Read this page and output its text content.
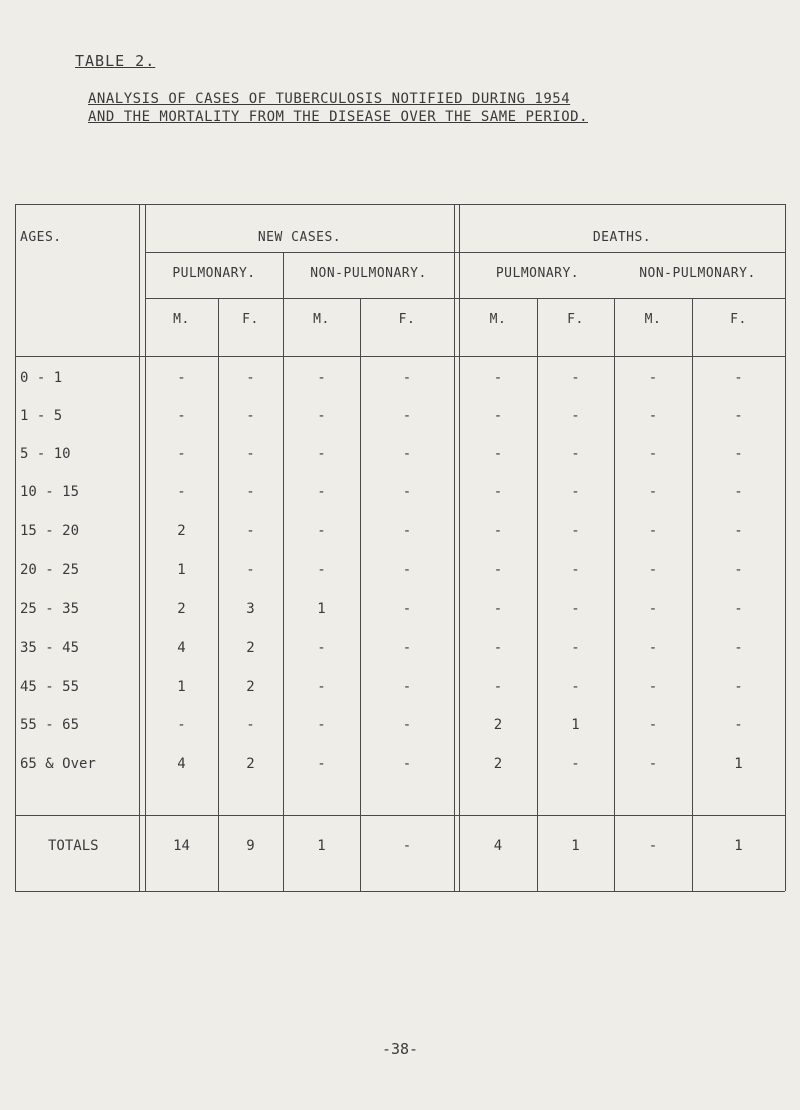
TABLE 2.
ANALYSIS OF CASES OF TUBERCULOSIS NOTIFIED DURING 1954
AND THE MORTALITY FROM THE DISEASE OVER THE SAME PERIOD.
AGES.	NEW CASES.	DEATHS.
PULMONARY.	NON-PULMONARY.	PULMONARY.	NON-PULMONARY.
M.	F.	M.	F.	M.	F.	M.	F.
0 - 1	-	-	-	-	-	-	-	-
1 - 5	-	-	-	-	-	-	-	-
5 - 10	-	-	-	-	-	-	-	-
10 - 15	-	-	-	-	-	-	-	-
15 - 20	2	-	-	-	-	-	-	-
20 - 25	1	-	-	-	-	-	-	-
25 - 35	2	3	1	-	-	-	-	-
35 - 45	4	2	-	-	-	-	-	-
45 - 55	1	2	-	-	-	-	-	-
55 - 65	-	-	-	-	2	1	-	-
65 & Over	4	2	-	-	2	-	-	1
TOTALS	14	9	1	-	4	1	-	1
-38-
